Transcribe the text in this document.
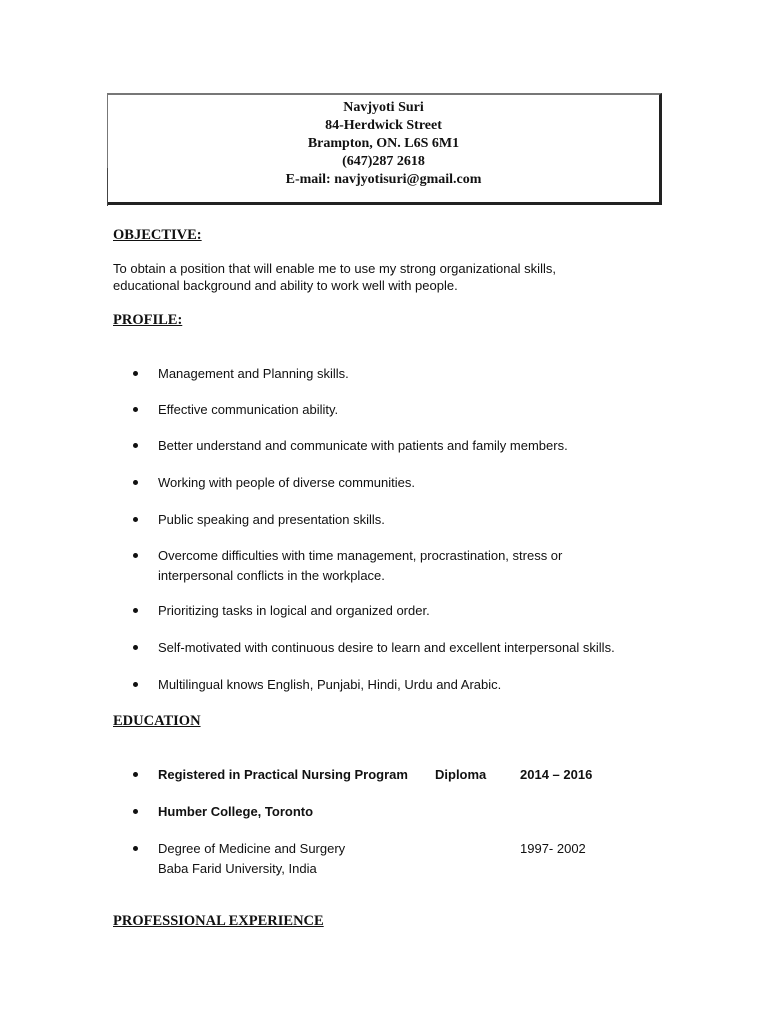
Navjyoti Suri
84-Herdwick Street
Brampton, ON. L6S 6M1
(647)287 2618
E-mail: navjyotisuri@gmail.com
OBJECTIVE:
To obtain a position that will enable me to use my strong organizational skills,
educational background and ability to work well with people.
PROFILE:
Management and Planning skills.
Effective communication ability.
Better understand and communicate with patients and family members.
Working with people of diverse communities.
Public speaking and presentation skills.
Overcome difficulties with time management, procrastination, stress or
interpersonal conflicts in the workplace.
Prioritizing tasks in logical and organized order.
Self-motivated with continuous desire to learn and excellent interpersonal skills.
Multilingual knows English, Punjabi, Hindi, Urdu and Arabic.
EDUCATION
Registered in Practical Nursing Program Diploma	2014 – 2016
Humber College, Toronto
Degree of Medicine and Surgery	1997- 2002
Baba Farid University, India
PROFESSIONAL EXPERIENCE
